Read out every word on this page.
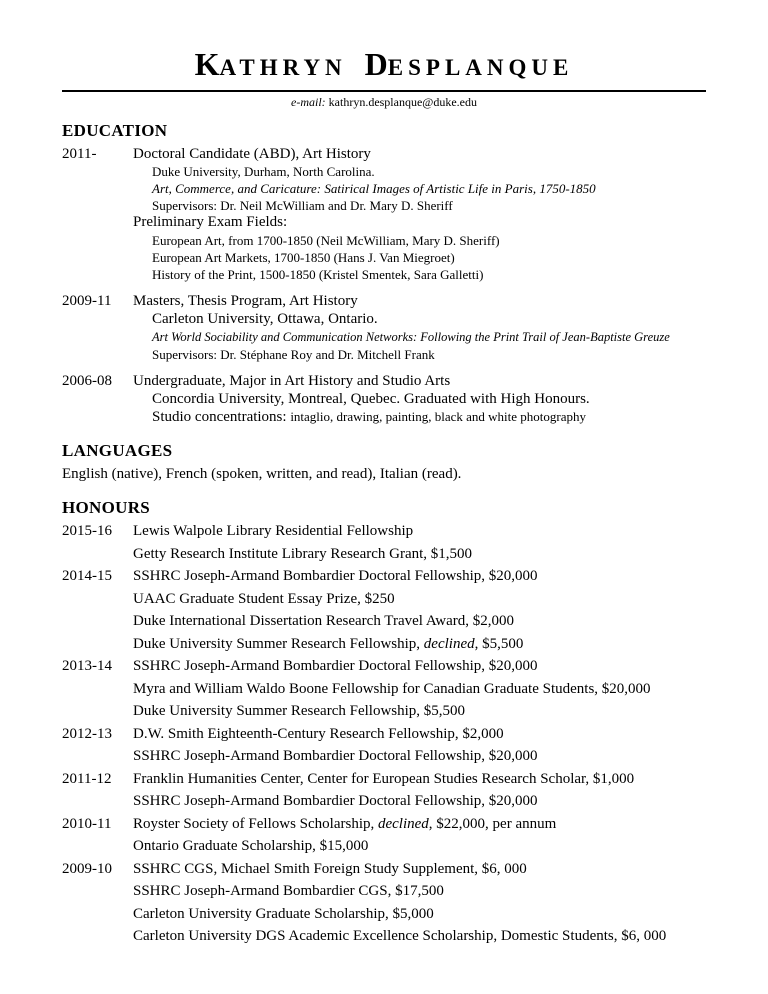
KATHRYN DESPLANQUE
e-mail: kathryn.desplanque@duke.edu
EDUCATION
2011- Doctoral Candidate (ABD), Art History
Duke University, Durham, North Carolina.
Art, Commerce, and Caricature: Satirical Images of Artistic Life in Paris, 1750-1850
Supervisors: Dr. Neil McWilliam and Dr. Mary D. Sheriff
Preliminary Exam Fields:
European Art, from 1700-1850 (Neil McWilliam, Mary D. Sheriff)
European Art Markets, 1700-1850 (Hans J. Van Miegroet)
History of the Print, 1500-1850 (Kristel Smentek, Sara Galletti)
2009-11 Masters, Thesis Program, Art History
Carleton University, Ottawa, Ontario.
Art World Sociability and Communication Networks: Following the Print Trail of Jean-Baptiste Greuze
Supervisors: Dr. Stéphane Roy and Dr. Mitchell Frank
2006-08 Undergraduate, Major in Art History and Studio Arts
Concordia University, Montreal, Quebec. Graduated with High Honours.
Studio concentrations: intaglio, drawing, painting, black and white photography
LANGUAGES
English (native), French (spoken, written, and read), Italian (read).
HONOURS
2015-16
2014-15
2013-14
2012-13
2011-12
2010-11
2009-10
Lewis Walpole Library Residential Fellowship
Getty Research Institute Library Research Grant, $1,500
SSHRC Joseph-Armand Bombardier Doctoral Fellowship, $20,000
UAAC Graduate Student Essay Prize, $250
Duke International Dissertation Research Travel Award, $2,000
Duke University Summer Research Fellowship, declined, $5,500
SSHRC Joseph-Armand Bombardier Doctoral Fellowship, $20,000
Myra and William Waldo Boone Fellowship for Canadian Graduate Students, $20,000
Duke University Summer Research Fellowship, $5,500
D.W. Smith Eighteenth-Century Research Fellowship, $2,000
SSHRC Joseph-Armand Bombardier Doctoral Fellowship, $20,000
Franklin Humanities Center, Center for European Studies Research Scholar, $1,000
SSHRC Joseph-Armand Bombardier Doctoral Fellowship, $20,000
Royster Society of Fellows Scholarship, declined, $22,000, per annum
Ontario Graduate Scholarship, $15,000
SSHRC CGS, Michael Smith Foreign Study Supplement, $6, 000
SSHRC Joseph-Armand Bombardier CGS, $17,500
Carleton University Graduate Scholarship, $5,000
Carleton University DGS Academic Excellence Scholarship, Domestic Students, $6, 000
